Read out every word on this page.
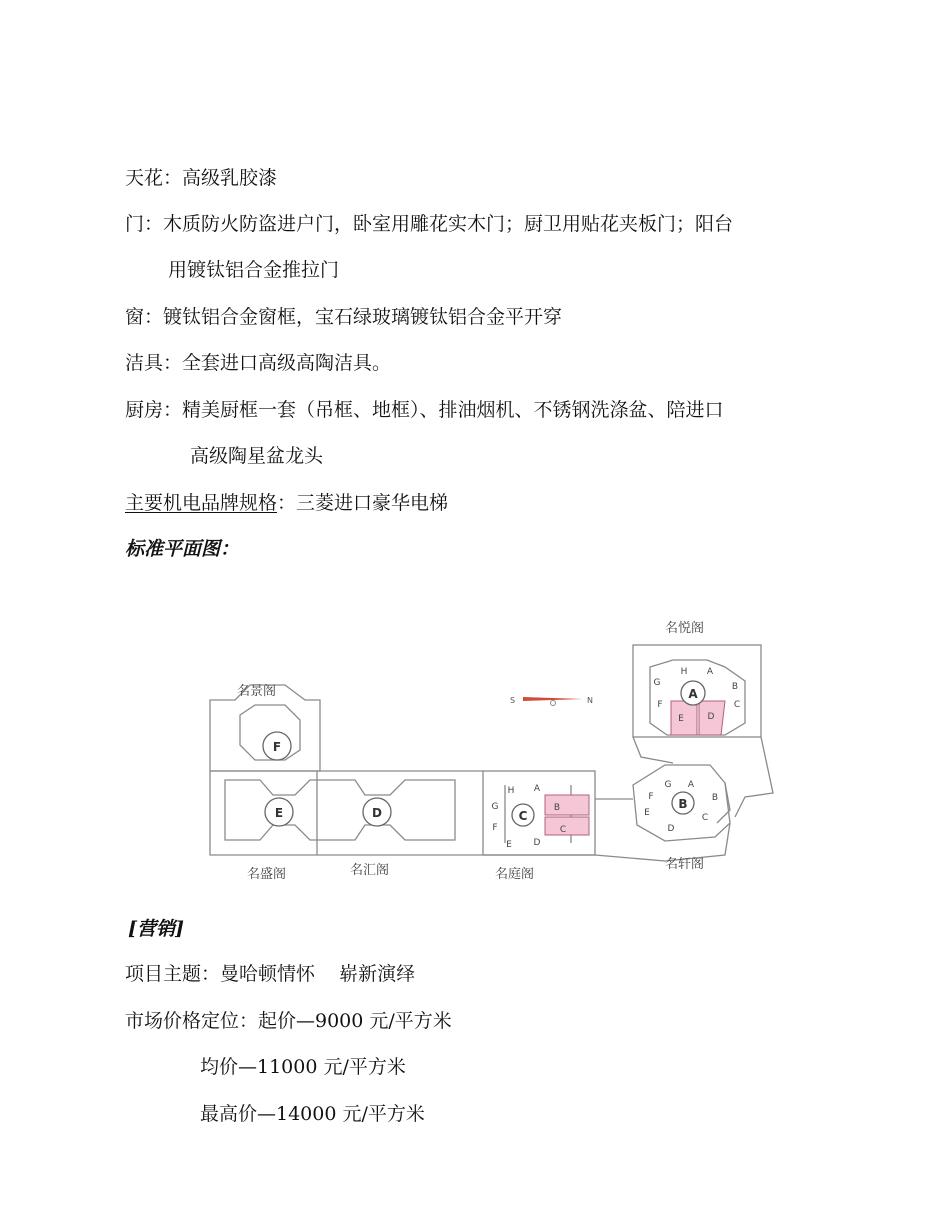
天花：高级乳胶漆
门：木质防火防盗进户门，卧室用雕花实木门；厨卫用贴花夹板门；阳台
用镀钛铝合金推拉门
窗：镀钛铝合金窗框，宝石绿玻璃镀钛铝合金平开穿
洁具：全套进口高级高陶洁具。
厨房：精美厨框一套（吊框、地框）、排油烟机、不锈钢洗涤盆、陪进口
高级陶星盆龙头
主要机电品牌规格：三菱进口豪华电梯
标准平面图：
S	N
名悦阁
名景阁
名盛阁	名汇阁	名庭阁
名轩阁
A
B
C
D
E
F
H A
G	B
F	C
E	D
G A
F	B
E	C
D
H A
G	B
F	C
E D
[营销]
项目主题：曼哈顿情怀    崭新演绎
市场价格定位：起价—9000 元/平方米
均价—11000 元/平方米
最高价—14000 元/平方米
